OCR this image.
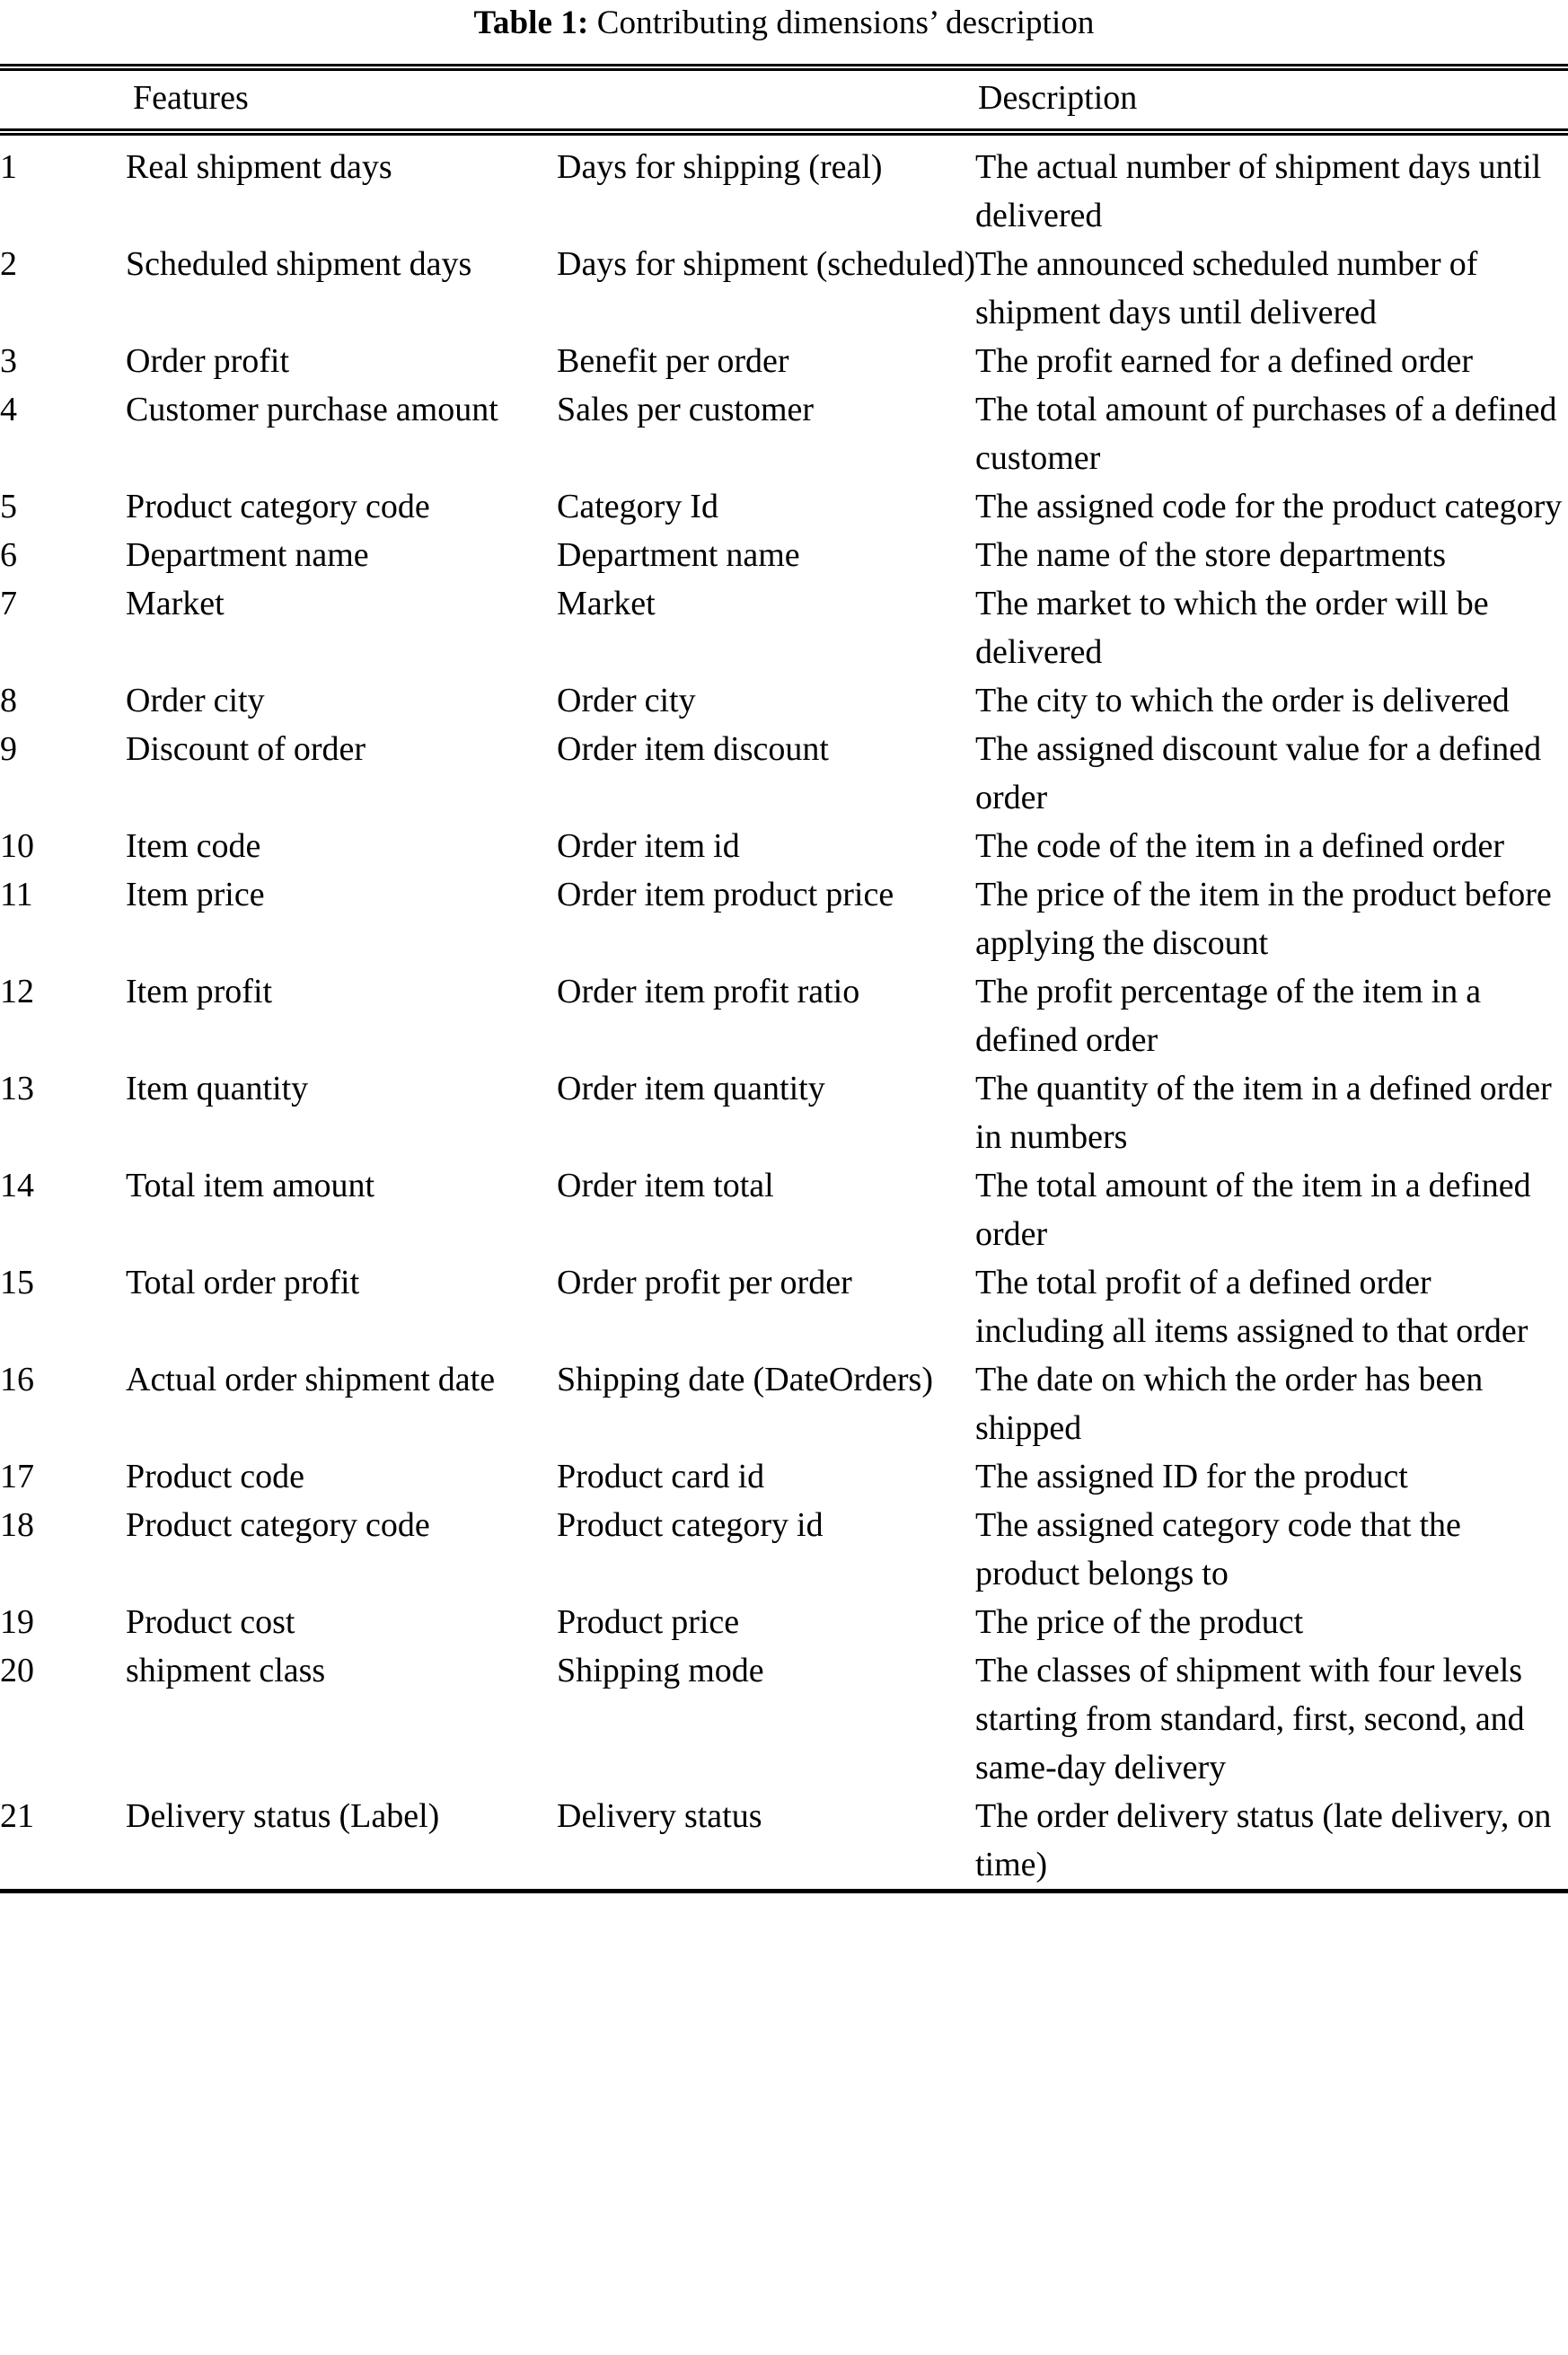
Table 1: Contributing dimensions’ description
Features	Description
1	Real shipment days	Days for shipping (real)	The actual number of shipment days until delivered
2	Scheduled shipment days	Days for shipment (scheduled)	The announced scheduled number of shipment days until delivered
3	Order profit	Benefit per order	The profit earned for a defined order
4	Customer purchase amount	Sales per customer	The total amount of purchases of a defined customer
5	Product category code	Category Id	The assigned code for the product category
6	Department name	Department name	The name of the store departments
7	Market	Market	The market to which the order will be delivered
8	Order city	Order city	The city to which the order is delivered
9	Discount of order	Order item discount	The assigned discount value for a defined order
10	Item code	Order item id	The code of the item in a defined order
11	Item price	Order item product price	The price of the item in the product before applying the discount
12	Item profit	Order item profit ratio	The profit percentage of the item in a defined order
13	Item quantity	Order item quantity	The quantity of the item in a defined order in numbers
14	Total item amount	Order item total	The total amount of the item in a defined order
15	Total order profit	Order profit per order	The total profit of a defined order including all items assigned to that order
16	Actual order shipment date	Shipping date (DateOrders)	The date on which the order has been shipped
17	Product code	Product card id	The assigned ID for the product
18	Product category code	Product category id	The assigned category code that the product belongs to
19	Product cost	Product price	The price of the product
20	shipment class	Shipping mode	The classes of shipment with four levels starting from standard, first, second, and same-day delivery
21	Delivery status (Label)	Delivery status	The order delivery status (late delivery, on time)
